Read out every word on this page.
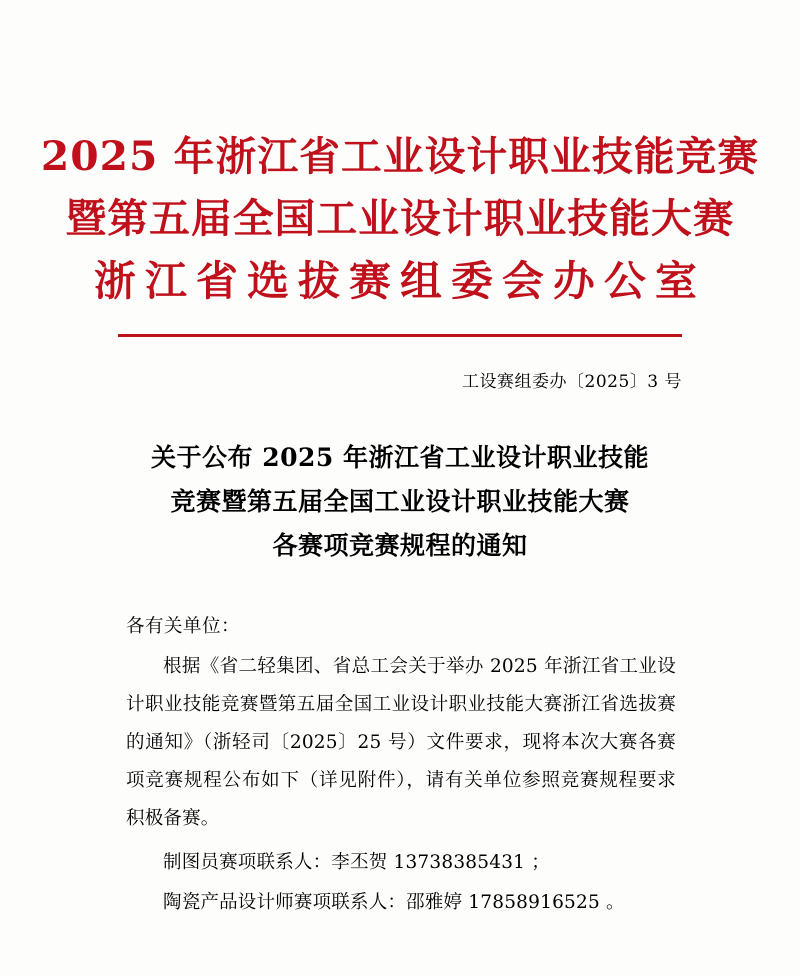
2025 年浙江省工业设计职业技能竞赛
暨第五届全国工业设计职业技能大赛
浙江省选拔赛组委会办公室
工设赛组委办〔2025〕3 号
关于公布 2025 年浙江省工业设计职业技能
竞赛暨第五届全国工业设计职业技能大赛
各赛项竞赛规程的通知
各有关单位：
根据《省二轻集团、省总工会关于举办 2025 年浙江省工业设计职业技能竞赛暨第五届全国工业设计职业技能大赛浙江省选拔赛的通知》（浙轻司〔2025〕25 号）文件要求，现将本次大赛各赛项竞赛规程公布如下（详见附件），请有关单位参照竞赛规程要求积极备赛。
制图员赛项联系人：李丕贺 13738385431 ；
陶瓷产品设计师赛项联系人：邵雅婷 17858916525 。
